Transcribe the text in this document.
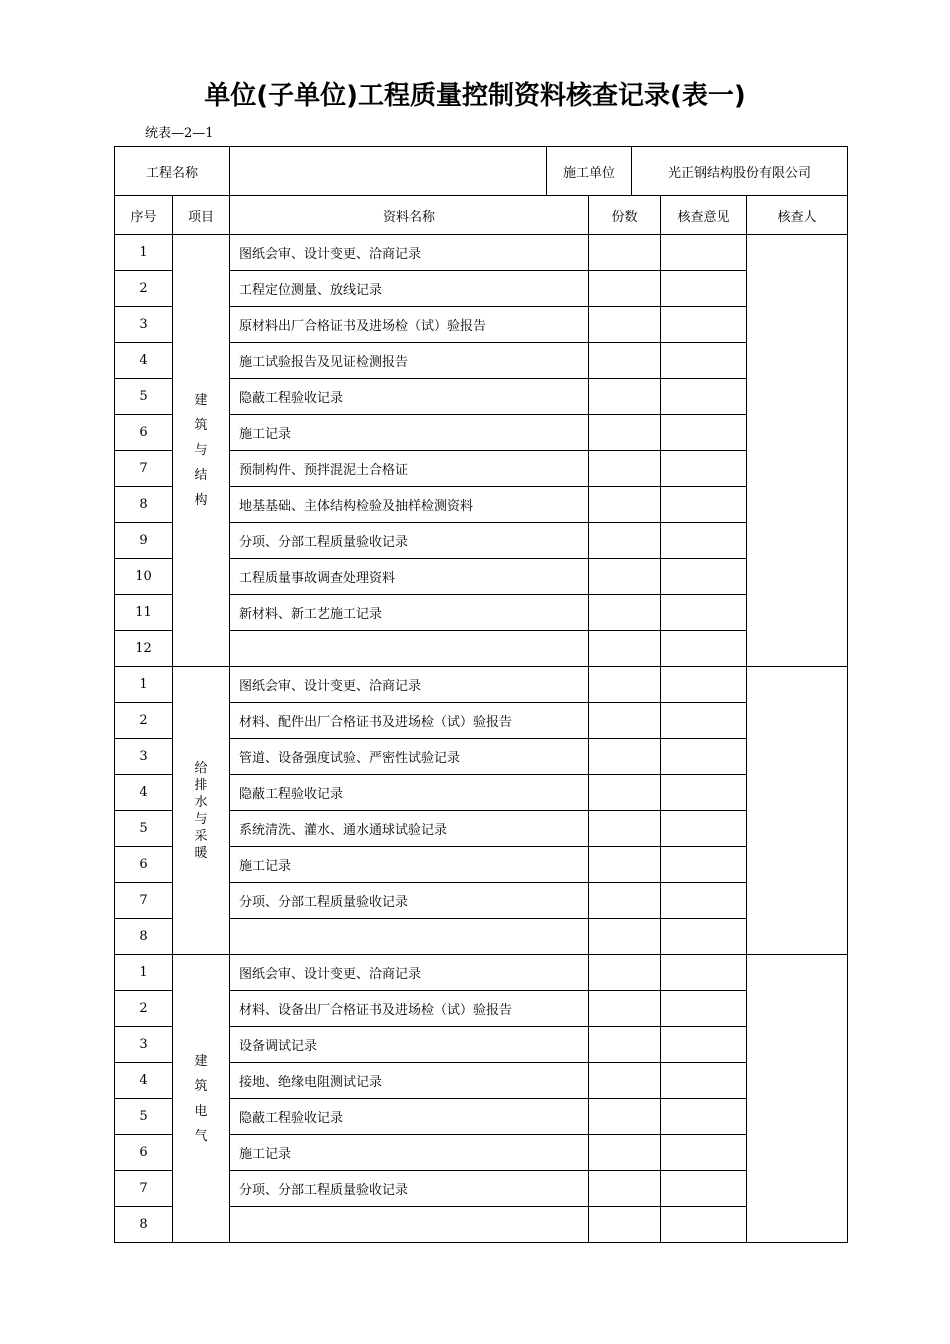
单位(子单位)工程质量控制资料核查记录(表一)
统表—2—1
工程名称		施工单位	光正钢结构股份有限公司
序号	项目	资料名称	份数	核查意见	核查人
1	建筑与结构	图纸会审、设计变更、洽商记录			
2		工程定位测量、放线记录			
3		原材料出厂合格证书及进场检（试）验报告			
4		施工试验报告及见证检测报告			
5		隐蔽工程验收记录			
6		施工记录			
7		预制构件、预拌混泥土合格证			
8		地基基础、主体结构检验及抽样检测资料			
9		分项、分部工程质量验收记录			
10		工程质量事故调查处理资料			
11		新材料、新工艺施工记录			
12					
1	给排水与采暖	图纸会审、设计变更、洽商记录			
2		材料、配件出厂合格证书及进场检（试）验报告			
3		管道、设备强度试验、严密性试验记录			
4		隐蔽工程验收记录			
5		系统清洗、灌水、通水通球试验记录			
6		施工记录			
7		分项、分部工程质量验收记录			
8					
1	建筑电气	图纸会审、设计变更、洽商记录			
2		材料、设备出厂合格证书及进场检（试）验报告			
3		设备调试记录			
4		接地、绝缘电阻测试记录			
5		隐蔽工程验收记录			
6		施工记录			
7		分项、分部工程质量验收记录			
8					
